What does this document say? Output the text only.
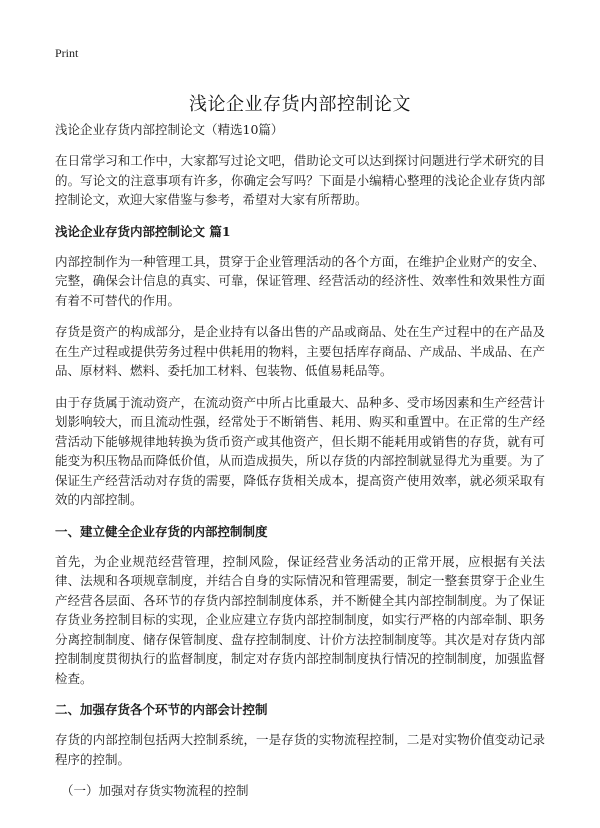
Print
浅论企业存货内部控制论文
浅论企业存货内部控制论文（精选10篇）

在日常学习和工作中，大家都写过论文吧，借助论文可以达到探讨问题进行学术研究的目的。写论文的注意事项有许多，你确定会写吗？下面是小编精心整理的浅论企业存货内部控制论文，欢迎大家借鉴与参考，希望对大家有所帮助。

浅论企业存货内部控制论文 篇1

内部控制作为一种管理工具，贯穿于企业管理活动的各个方面，在维护企业财产的安全、完整，确保会计信息的真实、可靠，保证管理、经营活动的经济性、效率性和效果性方面有着不可替代的作用。

存货是资产的构成部分，是企业持有以备出售的产品或商品、处在生产过程中的在产品及在生产过程或提供劳务过程中供耗用的物料，主要包括库存商品、产成品、半成品、在产品、原材料、燃料、委托加工材料、包装物、低值易耗品等。

由于存货属于流动资产，在流动资产中所占比重最大、品种多、受市场因素和生产经营计划影响较大，而且流动性强，经常处于不断销售、耗用、购买和重置中。在正常的生产经营活动下能够规律地转换为货币资产或其他资产，但长期不能耗用或销售的存货，就有可能变为积压物品而降低价值，从而造成损失，所以存货的内部控制就显得尤为重要。为了保证生产经营活动对存货的需要，降低存货相关成本，提高资产使用效率，就必须采取有效的内部控制。

一、建立健全企业存货的内部控制制度

首先，为企业规范经营管理，控制风险，保证经营业务活动的正常开展，应根据有关法律、法规和各项规章制度，并结合自身的实际情况和管理需要，制定一整套贯穿于企业生产经营各层面、各环节的存货内部控制制度体系，并不断健全其内部控制制度。为了保证存货业务控制目标的实现，企业应建立存货内部控制制度，如实行严格的内部牵制、职务分离控制制度、储存保管制度、盘存控制制度、计价方法控制制度等。其次是对存货内部控制制度贯彻执行的监督制度，制定对存货内部控制制度执行情况的控制制度，加强监督检查。

二、加强存货各个环节的内部会计控制

存货的内部控制包括两大控制系统，一是存货的实物流程控制，二是对实物价值变动记录程序的控制。

（一）加强对存货实物流程的控制
